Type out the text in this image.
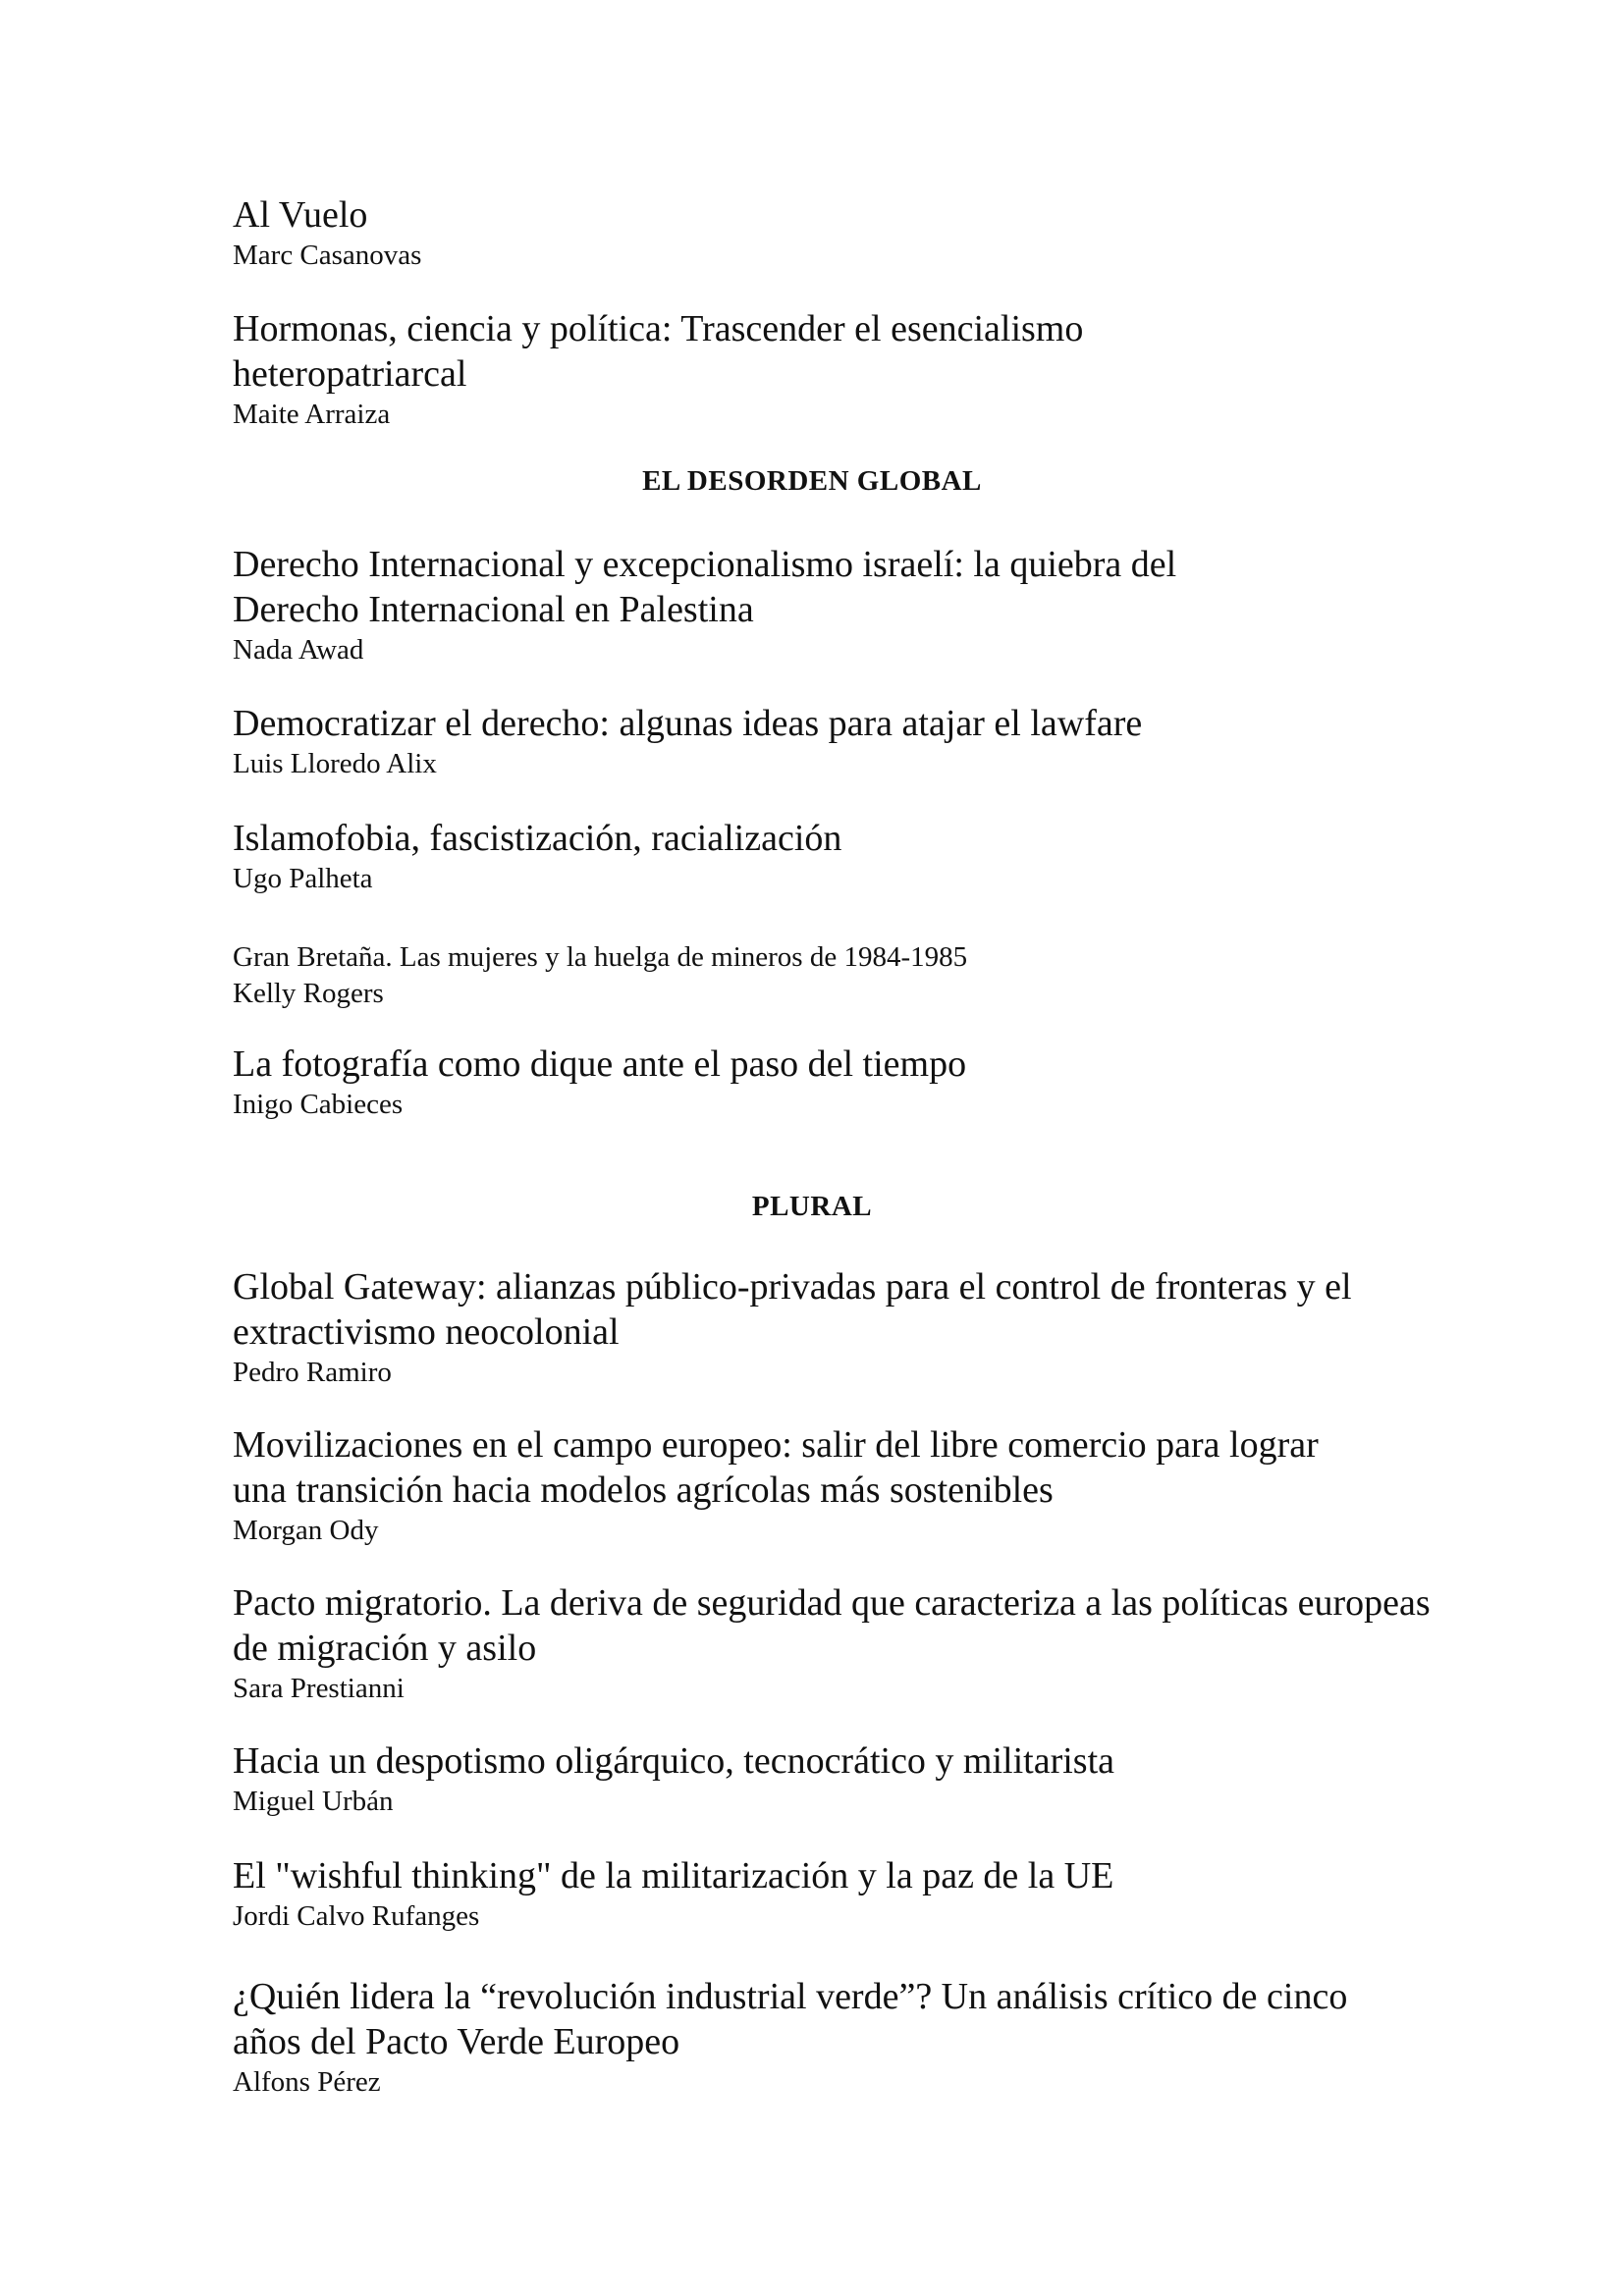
Al Vuelo

Marc Casanovas

Hormonas, ciencia y política: Trascender el esencialismo heteropatriarcal

Maite Arraiza

EL DESORDEN GLOBAL

Derecho Internacional y excepcionalismo israelí: la quiebra del Derecho Internacional en Palestina

Nada Awad

Democratizar el derecho: algunas ideas para atajar el lawfare

Luis Lloredo Alix

Islamofobia, fascistización, racialización

Ugo Palheta

Gran Bretaña. Las mujeres y la huelga de mineros de 1984-1985

Kelly Rogers

La fotografía como dique ante el paso del tiempo

Inigo Cabieces

PLURAL

Global Gateway: alianzas público-privadas para el control de fronteras y el extractivismo neocolonial

Pedro Ramiro

Movilizaciones en el campo europeo: salir del libre comercio para lograr una transición hacia modelos agrícolas más sostenibles

Morgan Ody

Pacto migratorio. La deriva de seguridad que caracteriza a las políticas europeas de migración y asilo

Sara Prestianni

Hacia un despotismo oligárquico, tecnocrático y militarista

Miguel Urbán

El "wishful thinking" de la militarización y la paz de la UE

Jordi Calvo Rufanges

¿Quién lidera la “revolución industrial verde”? Un análisis crítico de cinco años del Pacto Verde Europeo

Alfons Pérez
